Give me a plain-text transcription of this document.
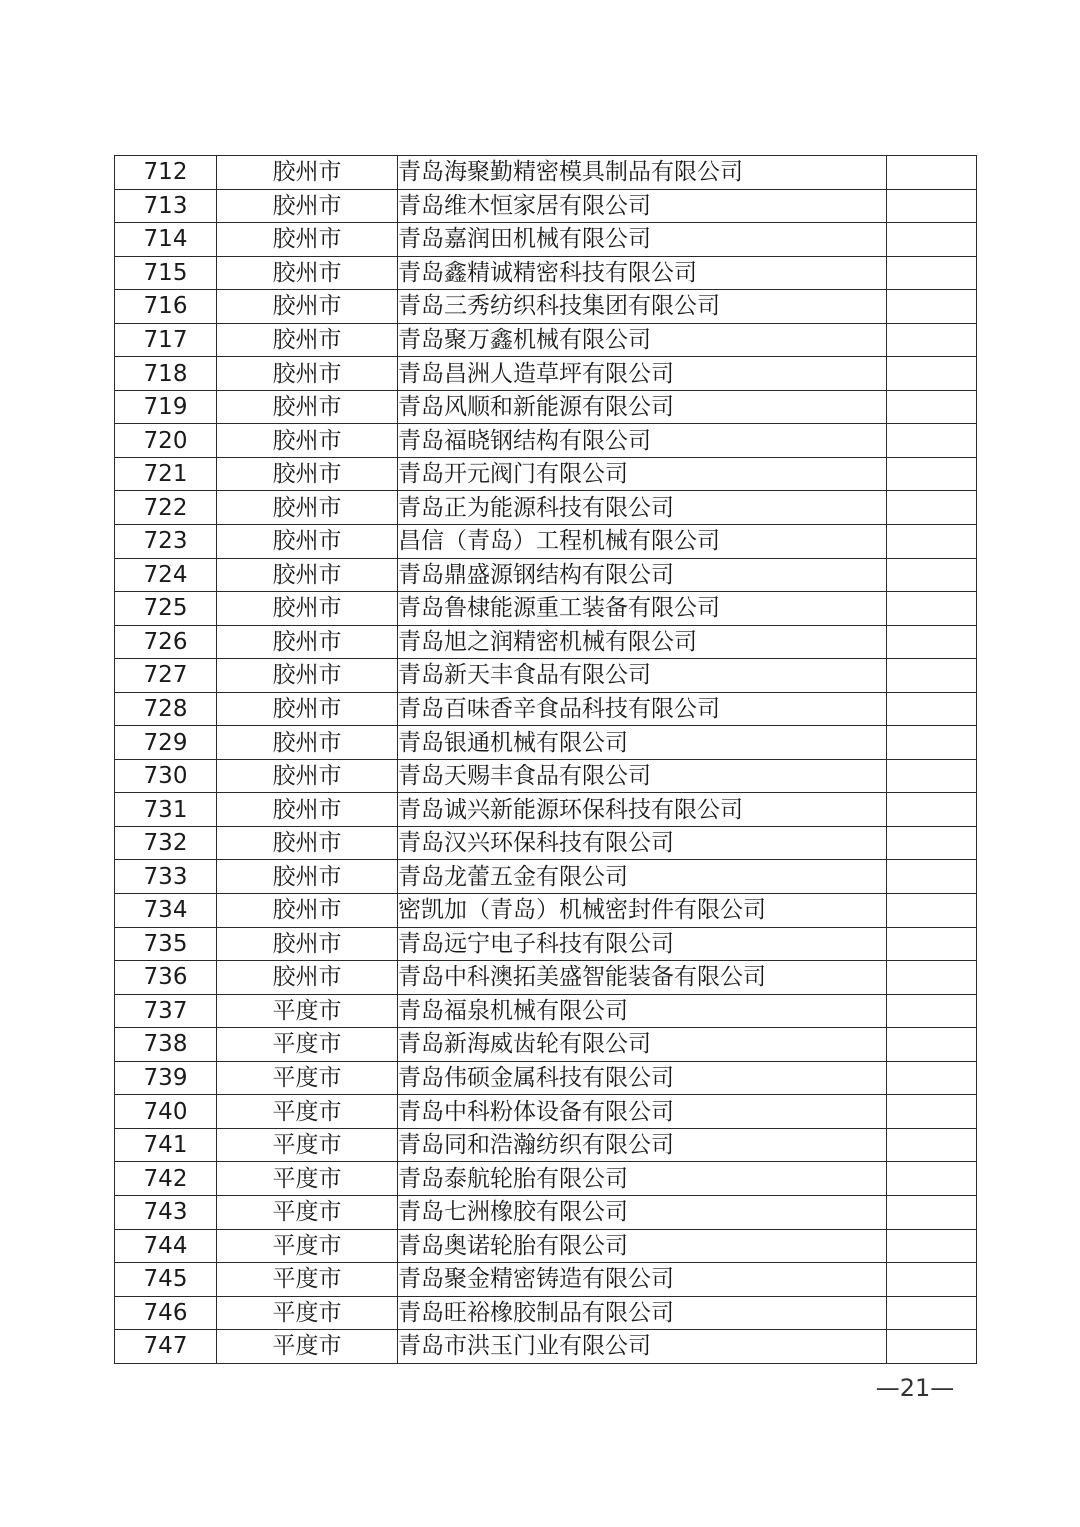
712	胶州市	青岛海聚勤精密模具制品有限公司	
713	胶州市	青岛维木恒家居有限公司	
714	胶州市	青岛嘉润田机械有限公司	
715	胶州市	青岛鑫精诚精密科技有限公司	
716	胶州市	青岛三秀纺织科技集团有限公司	
717	胶州市	青岛聚万鑫机械有限公司	
718	胶州市	青岛昌洲人造草坪有限公司	
719	胶州市	青岛风顺和新能源有限公司	
720	胶州市	青岛福晓钢结构有限公司	
721	胶州市	青岛开元阀门有限公司	
722	胶州市	青岛正为能源科技有限公司	
723	胶州市	昌信（青岛）工程机械有限公司	
724	胶州市	青岛鼎盛源钢结构有限公司	
725	胶州市	青岛鲁棣能源重工装备有限公司	
726	胶州市	青岛旭之润精密机械有限公司	
727	胶州市	青岛新天丰食品有限公司	
728	胶州市	青岛百味香辛食品科技有限公司	
729	胶州市	青岛银通机械有限公司	
730	胶州市	青岛天赐丰食品有限公司	
731	胶州市	青岛诚兴新能源环保科技有限公司	
732	胶州市	青岛汉兴环保科技有限公司	
733	胶州市	青岛龙蕾五金有限公司	
734	胶州市	密凯加（青岛）机械密封件有限公司	
735	胶州市	青岛远宁电子科技有限公司	
736	胶州市	青岛中科澳拓美盛智能装备有限公司	
737	平度市	青岛福泉机械有限公司	
738	平度市	青岛新海威齿轮有限公司	
739	平度市	青岛伟硕金属科技有限公司	
740	平度市	青岛中科粉体设备有限公司	
741	平度市	青岛同和浩瀚纺织有限公司	
742	平度市	青岛泰航轮胎有限公司	
743	平度市	青岛七洲橡胶有限公司	
744	平度市	青岛奥诺轮胎有限公司	
745	平度市	青岛聚金精密铸造有限公司	
746	平度市	青岛旺裕橡胶制品有限公司	
747	平度市	青岛市洪玉门业有限公司	
—21—
